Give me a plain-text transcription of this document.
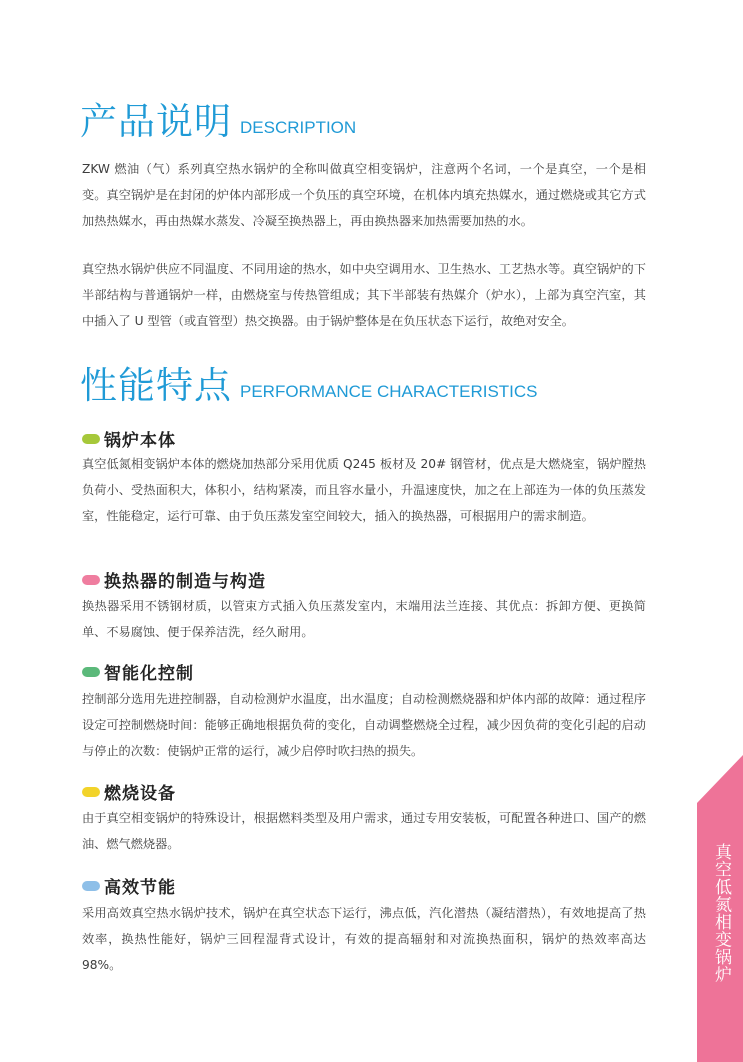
产品说明 DESCRIPTION

ZKW 燃油（气）系列真空热水锅炉的全称叫做真空相变锅炉，注意两个名词，一个是真空，一个是相变。真空锅炉是在封闭的炉体内部形成一个负压的真空环境，在机体内填充热媒水，通过燃烧或其它方式加热热媒水，再由热媒水蒸发、冷凝至换热器上，再由换热器来加热需要加热的水。

真空热水锅炉供应不同温度、不同用途的热水，如中央空调用水、卫生热水、工艺热水等。真空锅炉的下半部结构与普通锅炉一样，由燃烧室与传热管组成；其下半部装有热媒介（炉水），上部为真空汽室，其中插入了 U 型管（或直管型）热交换器。由于锅炉整体是在负压状态下运行，故绝对安全。

性能特点 PERFORMANCE CHARACTERISTICS
锅炉本体

真空低氮相变锅炉本体的燃烧加热部分采用优质 Q245 板材及 20# 钢管材，优点是大燃烧室，锅炉膛热负荷小、受热面积大，体积小，结构紧凑，而且容水量小，升温速度快，加之在上部连为一体的负压蒸发室，性能稳定，运行可靠、由于负压蒸发室空间较大，插入的换热器，可根据用户的需求制造。

换热器的制造与构造

换热器采用不锈钢材质，以管束方式插入负压蒸发室内，末端用法兰连接、其优点：拆卸方便、更换简单、不易腐蚀、便于保养洁洗，经久耐用。

智能化控制

控制部分选用先进控制器，自动检测炉水温度，出水温度；自动检测燃烧器和炉体内部的故障：通过程序设定可控制燃烧时间：能够正确地根据负荷的变化，自动调整燃烧全过程，减少因负荷的变化引起的启动与停止的次数：使锅炉正常的运行，减少启停时吹扫热的损失。

燃烧设备

由于真空相变锅炉的特殊设计，根据燃料类型及用户需求，通过专用安装板，可配置各种进口、国产的燃油、燃气燃烧器。

高效节能

采用高效真空热水锅炉技术，锅炉在真空状态下运行，沸点低，汽化潜热（凝结潜热），有效地提高了热效率，换热性能好，锅炉三回程湿背式设计，有效的提高辐射和对流换热面积，锅炉的热效率高达 98%。	真空低氮相变锅炉
